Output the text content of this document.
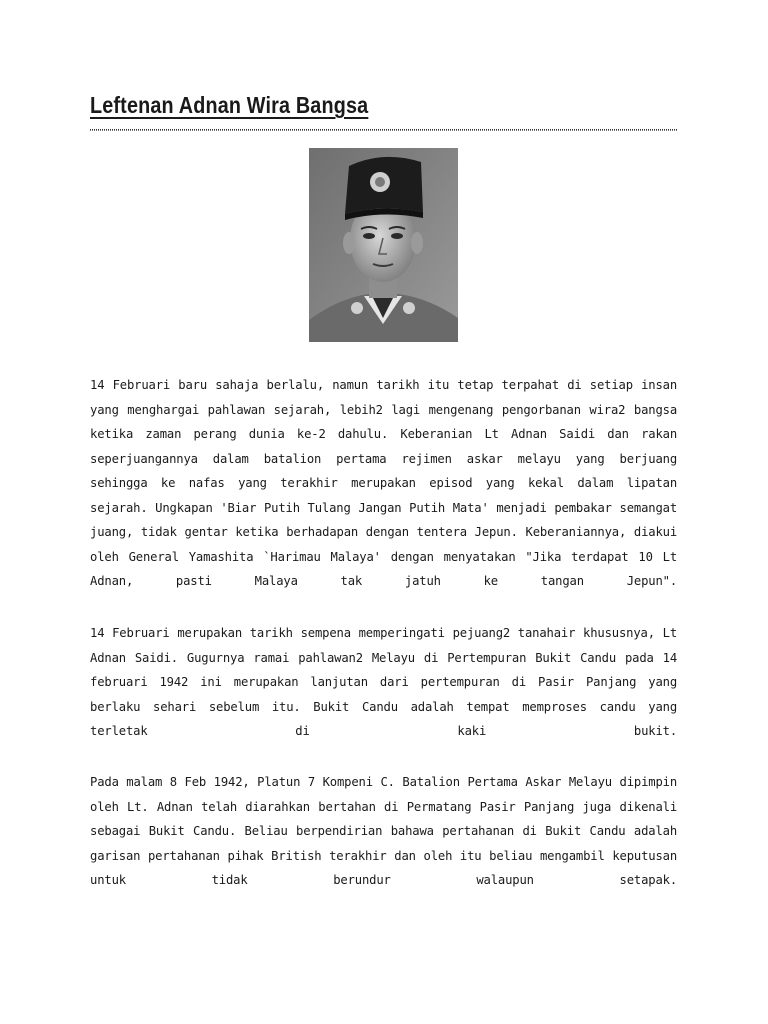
Leftenan Adnan Wira Bangsa

14 Februari baru sahaja berlalu, namun tarikh itu tetap terpahat di setiap insan yang menghargai pahlawan sejarah, lebih2 lagi mengenang pengorbanan wira2 bangsa ketika zaman perang dunia ke-2 dahulu. Keberanian Lt Adnan Saidi dan rakan seperjuangannya dalam batalion pertama rejimen askar melayu yang berjuang sehingga ke nafas yang terakhir merupakan episod yang kekal dalam lipatan sejarah. Ungkapan 'Biar Putih Tulang Jangan Putih Mata' menjadi pembakar semangat juang, tidak gentar ketika berhadapan dengan tentera Jepun. Keberaniannya, diakui oleh General Yamashita `Harimau Malaya' dengan menyatakan "Jika terdapat 10 Lt Adnan, pasti Malaya tak jatuh ke tangan Jepun".

14 Februari merupakan tarikh sempena memperingati pejuang2 tanahair khususnya, Lt Adnan Saidi. Gugurnya ramai pahlawan2 Melayu di Pertempuran Bukit Candu pada 14 februari 1942 ini merupakan lanjutan dari pertempuran di Pasir Panjang yang berlaku sehari sebelum itu. Bukit Candu adalah tempat memproses candu yang terletak di kaki bukit.

Pada malam 8 Feb 1942, Platun 7 Kompeni C. Batalion Pertama Askar Melayu dipimpin oleh Lt. Adnan telah diarahkan bertahan di Permatang Pasir Panjang juga dikenali sebagai Bukit Candu. Beliau berpendirian bahawa pertahanan di Bukit Candu adalah garisan pertahanan pihak British terakhir dan oleh itu beliau mengambil keputusan untuk tidak berundur walaupun setapak.
